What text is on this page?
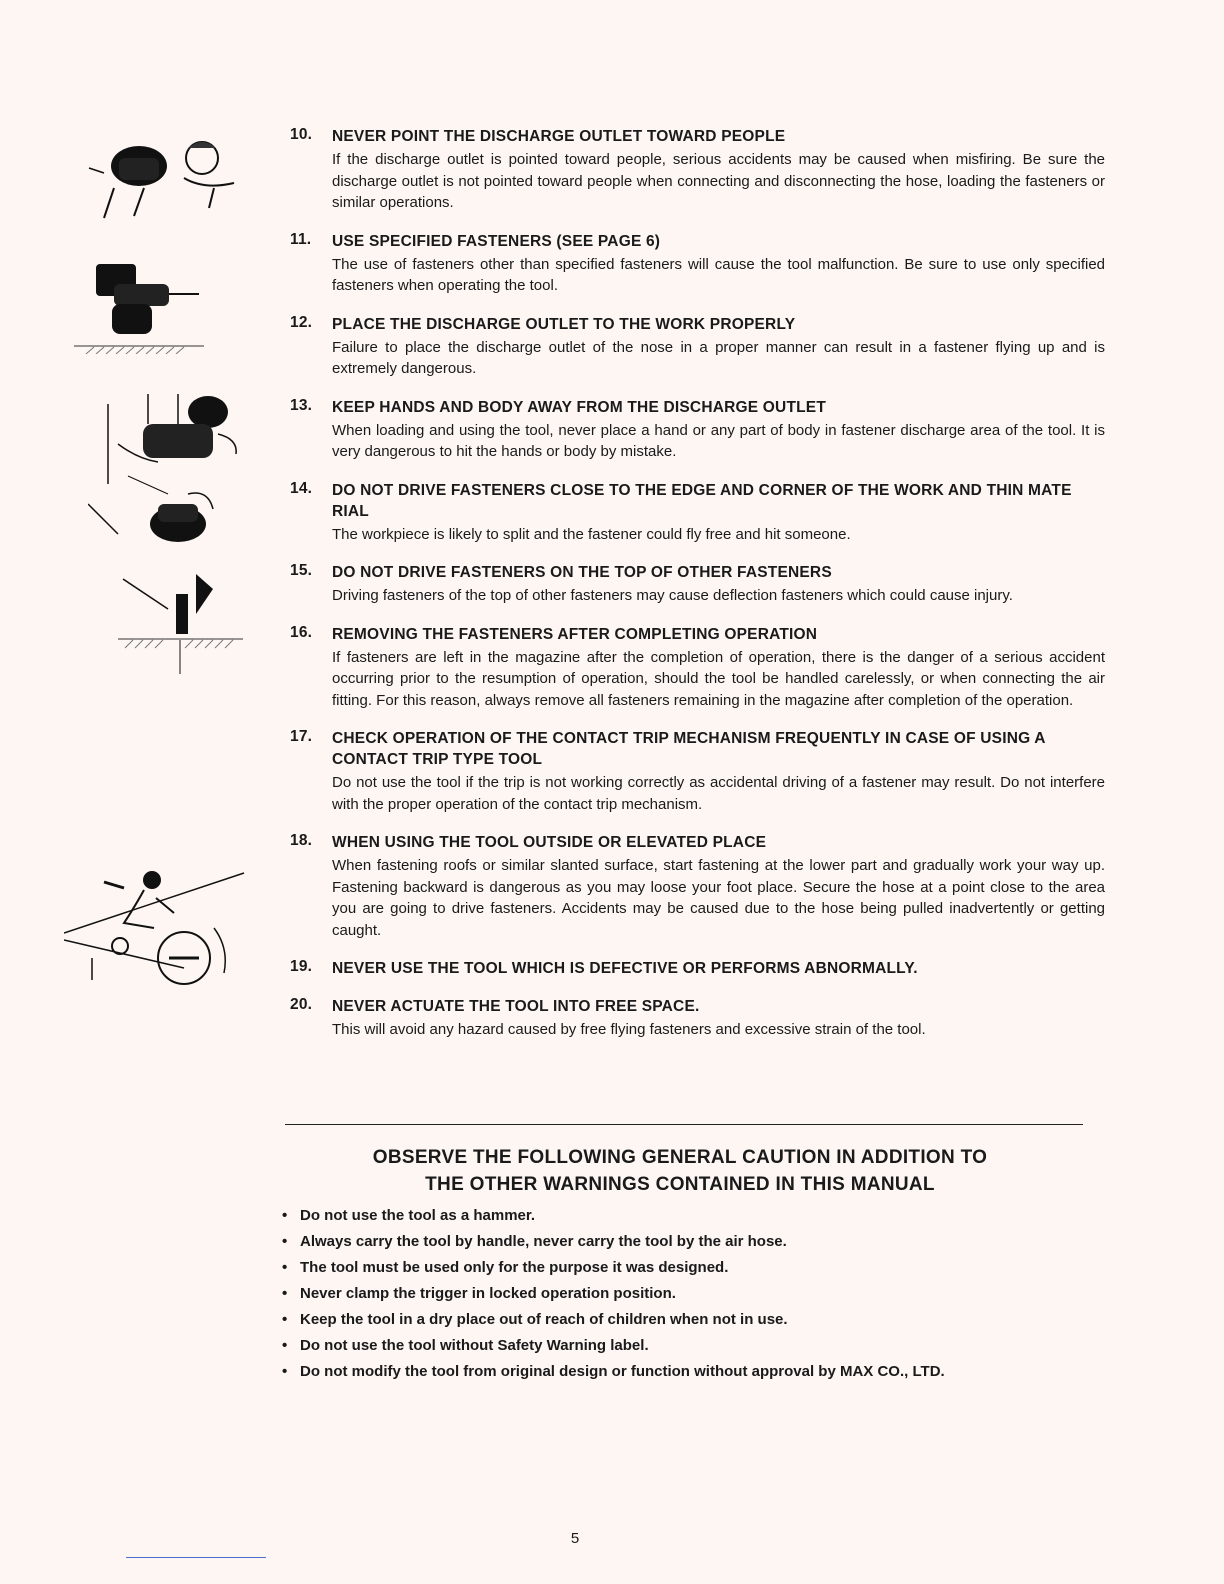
10. NEVER POINT THE DISCHARGE OUTLET TOWARD PEOPLE
If the discharge outlet is pointed toward people, serious accidents may be caused when misfiring. Be sure the discharge outlet is not pointed toward people when connecting and disconnecting the hose, loading the fasteners or similar operations.
11. USE SPECIFIED FASTENERS (SEE PAGE 6)
The use of fasteners other than specified fasteners will cause the tool malfunction. Be sure to use only specified fasteners when operating the tool.
12. PLACE THE DISCHARGE OUTLET TO THE WORK PROPERLY
Failure to place the discharge outlet of the nose in a proper manner can result in a fastener flying up and is extremely dangerous.
13. KEEP HANDS AND BODY AWAY FROM THE DISCHARGE OUTLET
When loading and using the tool, never place a hand or any part of body in fastener discharge area of the tool. It is very dangerous to hit the hands or body by mistake.
14. DO NOT DRIVE FASTENERS CLOSE TO THE EDGE AND CORNER OF THE WORK AND THIN MATE RIAL
The workpiece is likely to split and the fastener could fly free and hit someone.
15. DO NOT DRIVE FASTENERS ON THE TOP OF OTHER FASTENERS
Driving fasteners of the top of other fasteners may cause deflection fasteners which could cause injury.
16. REMOVING THE FASTENERS AFTER COMPLETING OPERATION
If fasteners are left in the magazine after the completion of operation, there is the danger of a serious accident occurring prior to the resumption of operation, should the tool be handled carelessly, or when connecting the air fitting. For this reason, always remove all fasteners remaining in the magazine after completion of the operation.
17. CHECK OPERATION OF THE CONTACT TRIP MECHANISM FREQUENTLY IN CASE OF USING A CONTACT TRIP TYPE TOOL
Do not use the tool if the trip is not working correctly as accidental driving of a fastener may result. Do not interfere with the proper operation of the contact trip mechanism.
18. WHEN USING THE TOOL OUTSIDE OR ELEVATED PLACE
When fastening roofs or similar slanted surface, start fastening at the lower part and gradually work your way up. Fastening backward is dangerous as you may loose your foot place. Secure the hose at a point close to the area you are going to drive fasteners. Accidents may be caused due to the hose being pulled inadvertently or getting caught.
19. NEVER USE THE TOOL WHICH IS DEFECTIVE OR PERFORMS ABNORMALLY.
20. NEVER ACTUATE THE TOOL INTO FREE SPACE.
This will avoid any hazard caused by free flying fasteners and excessive strain of the tool.
OBSERVE THE FOLLOWING GENERAL CAUTION IN ADDITION TO
THE OTHER WARNINGS CONTAINED IN THIS MANUAL
• Do not use the tool as a hammer.
• Always carry the tool by handle, never carry the tool by the air hose.
• The tool must be used only for the purpose it was designed.
• Never clamp the trigger in locked operation position.
• Keep the tool in a dry place out of reach of children when not in use.
• Do not use the tool without Safety Warning label.
• Do not modify the tool from original design or function without approval by MAX CO., LTD.
5
